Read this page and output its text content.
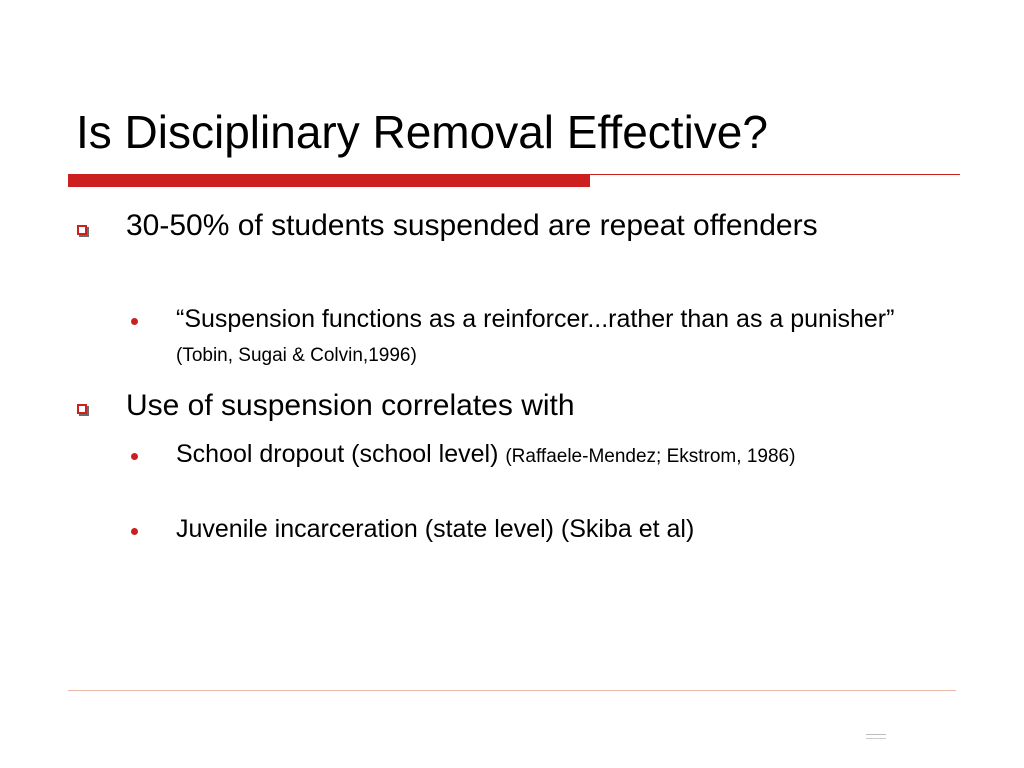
Is Disciplinary Removal Effective?
30-50% of students suspended are repeat offenders
“Suspension functions as a reinforcer...rather than as a punisher” (Tobin, Sugai & Colvin,1996)
Use of suspension correlates with
School dropout (school level) (Raffaele-Mendez; Ekstrom, 1986)
Juvenile incarceration (state level) (Skiba et al)
